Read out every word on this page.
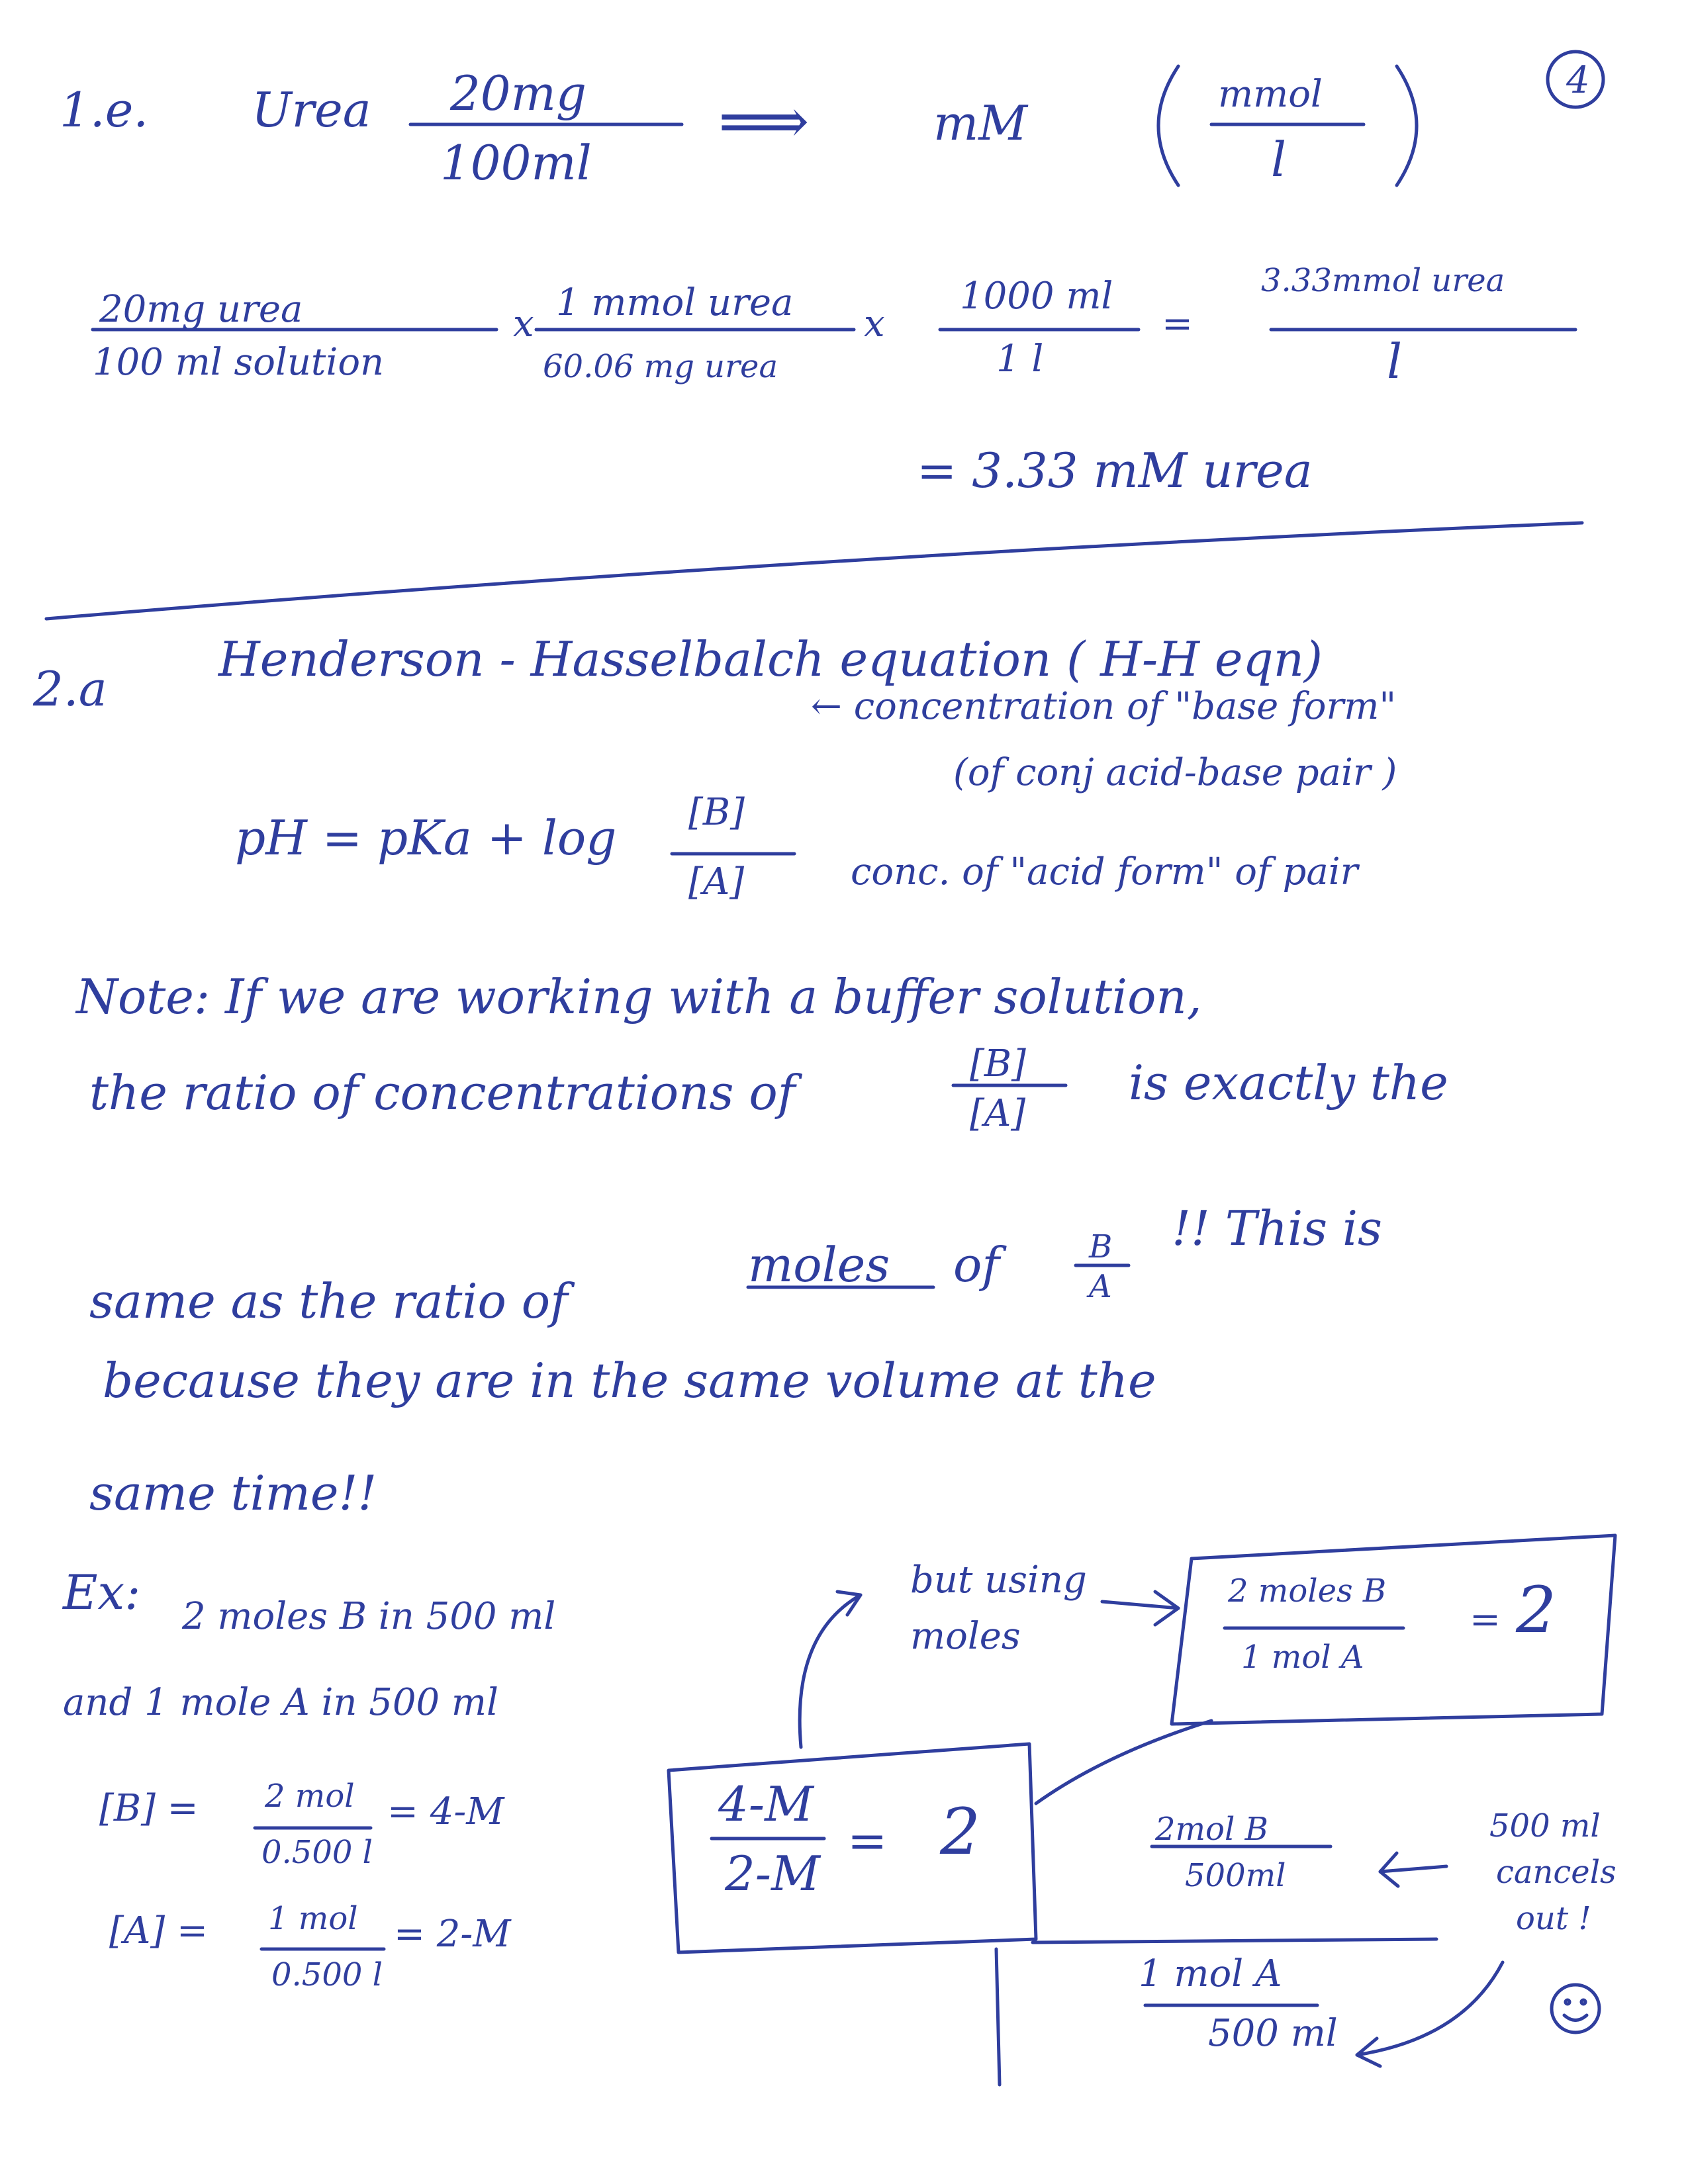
4

1.e. Urea 20mg

100ml

⟹	mM

mmol

l

20mg urea

100 ml solution

x 1 mmol urea

60.06 mg urea

x

1000 ml

1 l

=

3.33mmol urea

l

= 3.33 mM urea

2.a

Henderson - Hasselbalch equation ( H-H eqn)

pH = pKa + log [B]

[A]

← concentration of "base form"

(of conj acid-base pair )

conc. of "acid form" of pair

Note: If we are working with a buffer solution,

the ratio of concentrations of

[B]

[A]

is exactly the

same as the ratio of

moles of	B

A

!! This is

because they are in the same volume at the

same time!!

Ex: 2 moles B in 500 ml

and 1 mole A in 500 ml

[B] = 2 mol

0.500 l

= 4-M

[A] = 1 mol

0.500 l

= 2-M

4-M

2-M

= 2

but using

moles

2 moles B

1 mol A

= 2

2mol B

500ml

1 mol A

500 ml

500 ml

cancels

out !
